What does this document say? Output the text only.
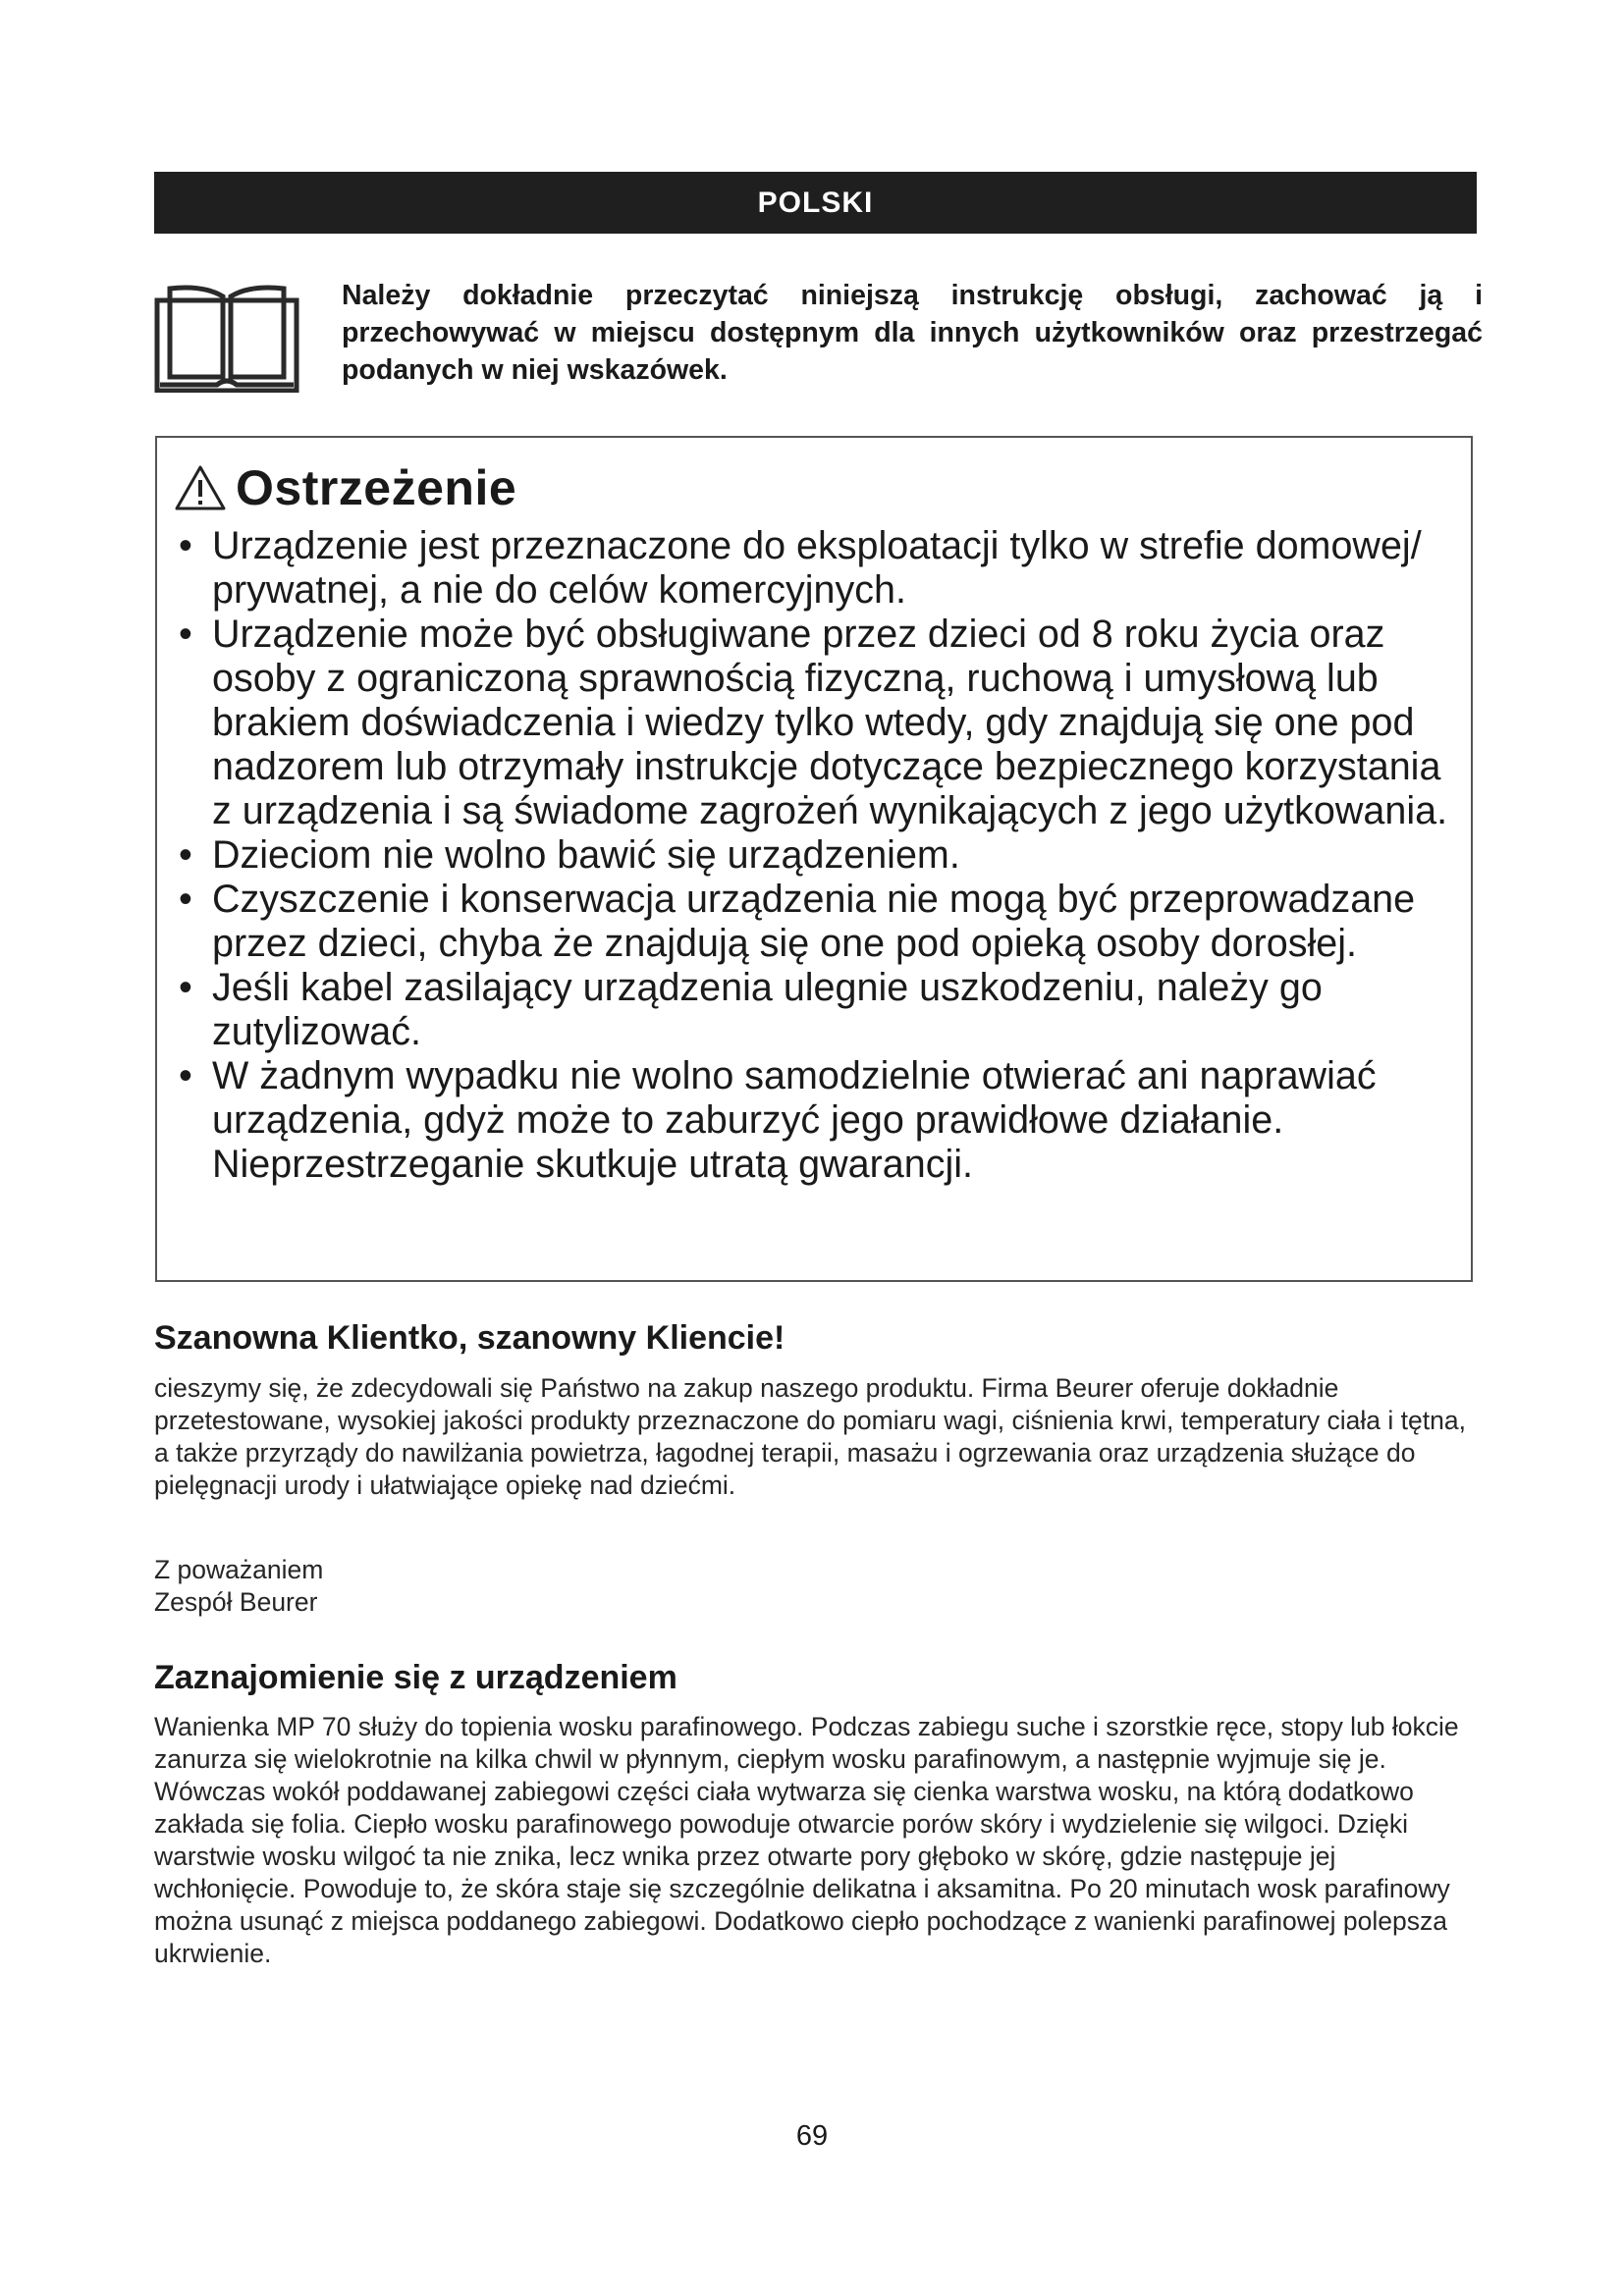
POLSKI

Należy dokładnie przeczytać niniejszą instrukcję obsługi, zachować ją i przechowywać w miejscu dostępnym dla innych użytkowników oraz przestrzegać podanych w niej wskazówek.

Ostrzeżenie
• Urządzenie jest przeznaczone do eksploatacji tylko w strefie domowej/ prywatnej, a nie do celów komercyjnych.
• Urządzenie może być obsługiwane przez dzieci od 8 roku życia oraz osoby z ograniczoną sprawnością fizyczną, ruchową i umysłową lub brakiem doświadczenia i wiedzy tylko wtedy, gdy znajdują się one pod nadzorem lub otrzymały instrukcje dotyczące bezpiecznego korzystania z urządzenia i są świadome zagrożeń wynikających z jego użytkowania.
• Dzieciom nie wolno bawić się urządzeniem.
• Czyszczenie i konserwacja urządzenia nie mogą być przeprowadzane przez dzieci, chyba że znajdują się one pod opieką osoby dorosłej.
• Jeśli kabel zasilający urządzenia ulegnie uszkodzeniu, należy go zutylizować.
• W żadnym wypadku nie wolno samodzielnie otwierać ani naprawiać urządzenia, gdyż może to zaburzyć jego prawidłowe działanie. Nieprzestrzeganie skutkuje utratą gwarancji.
Szanowna Klientko, szanowny Kliencie!

cieszymy się, że zdecydowali się Państwo na zakup naszego produktu. Firma Beurer oferuje dokładnie przetestowane, wysokiej jakości produkty przeznaczone do pomiaru wagi, ciśnienia krwi, temperatury ciała i tętna, a także przyrządy do nawilżania powietrza, łagodnej terapii, masażu i ogrzewania oraz urządzenia służące do pielęgnacji urody i ułatwiające opiekę nad dziećmi.

Z poważaniem

Zespół Beurer

Zaznajomienie się z urządzeniem

Wanienka MP 70 służy do topienia wosku parafinowego. Podczas zabiegu suche i szorstkie ręce, stopy lub łokcie zanurza się wielokrotnie na kilka chwil w płynnym, ciepłym wosku parafinowym, a następnie wyjmuje się je. Wówczas wokół poddawanej zabiegowi części ciała wytwarza się cienka warstwa wosku, na którą dodatkowo zakłada się folia. Ciepło wosku parafinowego powoduje otwarcie porów skóry i wydzielenie się wilgoci. Dzięki warstwie wosku wilgoć ta nie znika, lecz wnika przez otwarte pory głęboko w skórę, gdzie następuje jej wchłonięcie. Powoduje to, że skóra staje się szczególnie delikatna i aksamitna. Po 20 minutach wosk parafinowy można usunąć z miejsca poddanego zabiegowi. Dodatkowo ciepło pochodzące z wanienki parafinowej polepsza ukrwienie.

69
